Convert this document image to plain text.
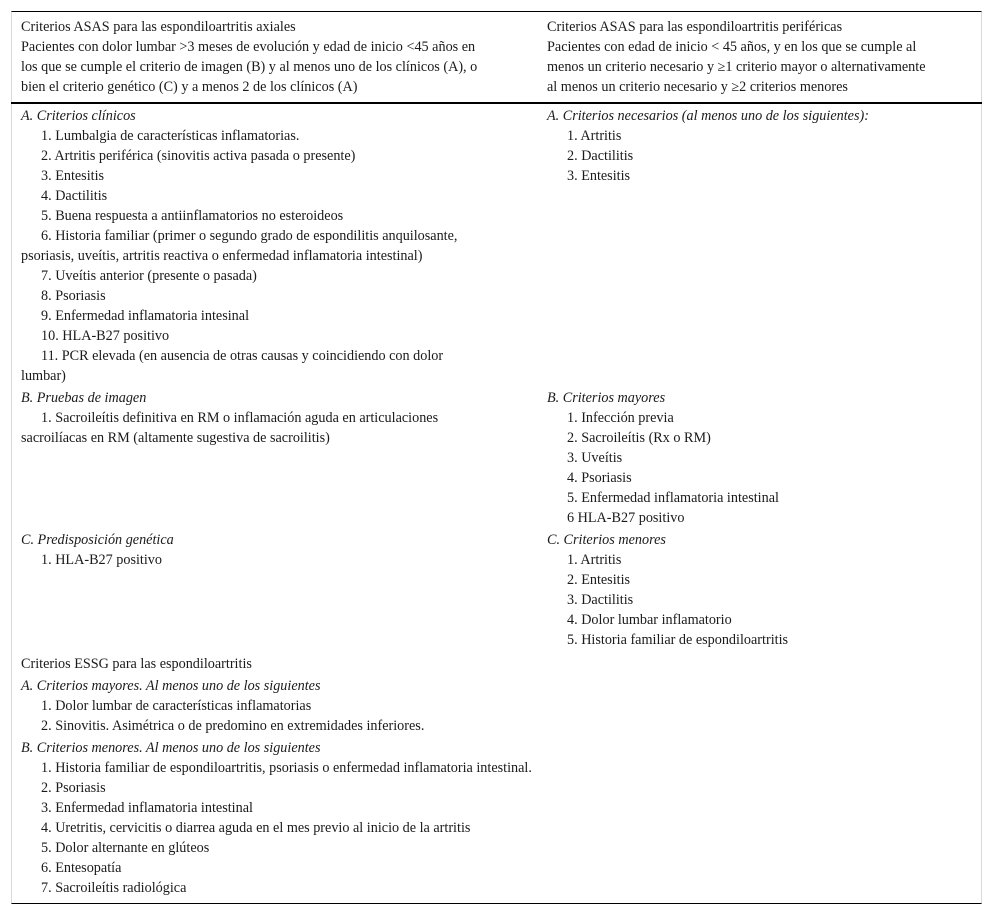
Criterios ASAS para las espondiloartritis axiales
Pacientes con dolor lumbar >3 meses de evolución y edad de inicio <45 años en
los que se cumple el criterio de imagen (B) y al menos uno de los clínicos (A), o
bien el criterio genético (C) y a menos 2 de los clínicos (A)
Criterios ASAS para las espondiloartritis periféricas
Pacientes con edad de inicio < 45 años, y en los que se cumple al
menos un criterio necesario y ≥1 criterio mayor o alternativamente
al menos un criterio necesario y ≥2 criterios menores
A. Criterios clínicos
1. Lumbalgia de características inflamatorias.
2. Artritis periférica (sinovitis activa pasada o presente)
3. Entesitis
4. Dactilitis
5. Buena respuesta a antiinflamatorios no esteroideos
6. Historia familiar (primer o segundo grado de espondilitis anquilosante,
psoriasis, uveítis, artritis reactiva o enfermedad inflamatoria intestinal)
7. Uveítis anterior (presente o pasada)
8. Psoriasis
9. Enfermedad inflamatoria intesinal
10. HLA-B27 positivo
11. PCR elevada (en ausencia de otras causas y coincidiendo con dolor
lumbar)
B. Pruebas de imagen
1. Sacroileítis definitiva en RM o inflamación aguda en articulaciones
sacroilíacas en RM (altamente sugestiva de sacroilitis)
C. Predisposición genética
1. HLA-B27 positivo
A. Criterios necesarios (al menos uno de los siguientes):
1. Artritis
2. Dactilitis
3. Entesitis
B. Criterios mayores
1. Infección previa
2. Sacroileítis (Rx o RM)
3. Uveítis
4. Psoriasis
5. Enfermedad inflamatoria intestinal
6 HLA-B27 positivo
C. Criterios menores
1. Artritis
2. Entesitis
3. Dactilitis
4. Dolor lumbar inflamatorio
5. Historia familiar de espondiloartritis
Criterios ESSG para las espondiloartritis
A. Criterios mayores. Al menos uno de los siguientes
1. Dolor lumbar de características inflamatorias
2. Sinovitis. Asimétrica o de predomino en extremidades inferiores.
B. Criterios menores. Al menos uno de los siguientes
1. Historia familiar de espondiloartritis, psoriasis o enfermedad inflamatoria intestinal.
2. Psoriasis
3. Enfermedad inflamatoria intestinal
4. Uretritis, cervicitis o diarrea aguda en el mes previo al inicio de la artritis
5. Dolor alternante en glúteos
6. Entesopatía
7. Sacroileítis radiológica
